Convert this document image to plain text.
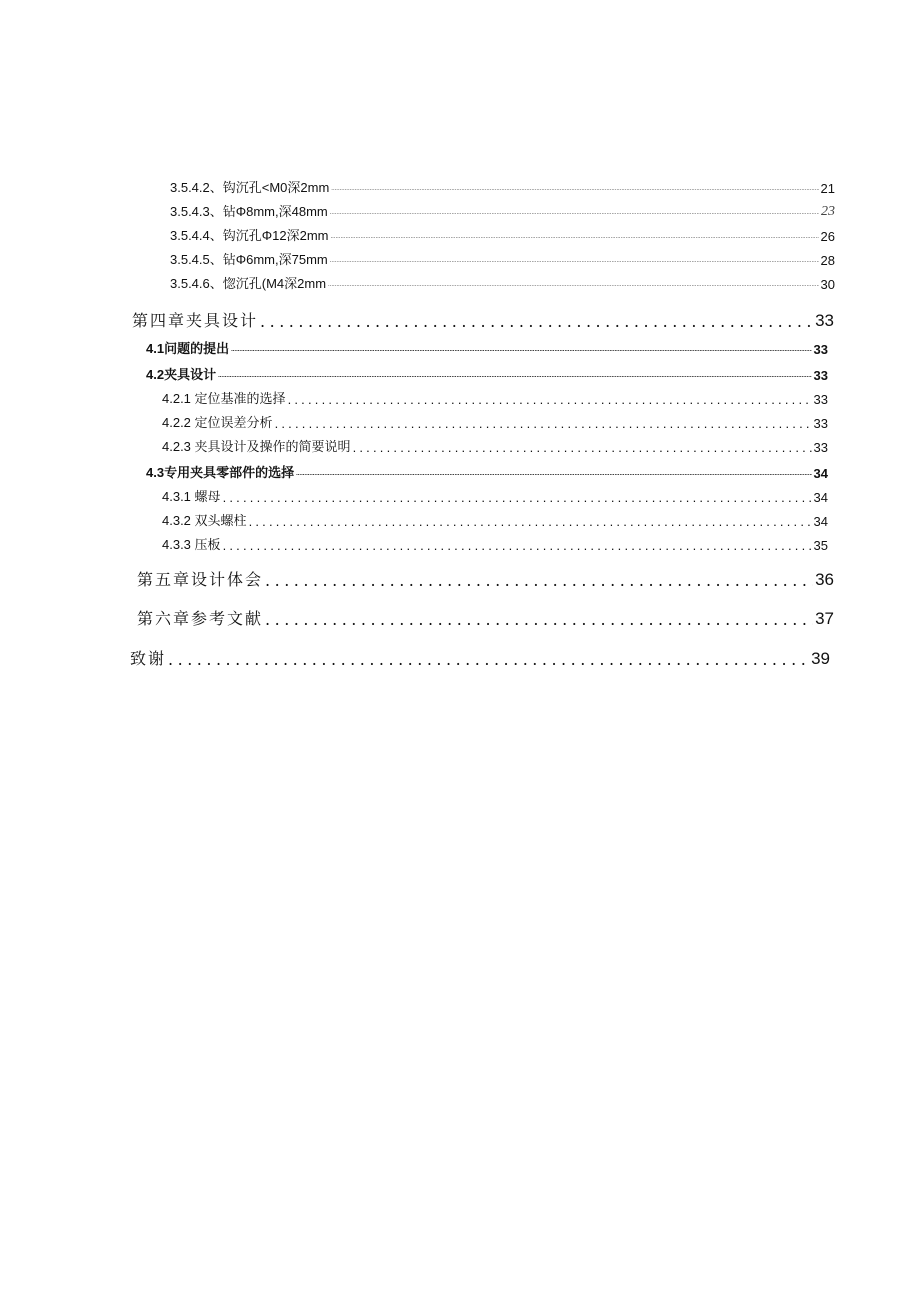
3.5.4.2、钩沉孔<M0深2mm .....	21
3.5.4.3、钻Φ8mm,深48mm .....	23
3.5.4.4、钩沉孔Φ12深2mm .....	26
3.5.4.5、钻Φ6mm,深75mm .....	28
3.5.4.6、惚沉孔(M4深2mm .....	30
第四章夹具设计 .....	33
4.1问题的提出 .....	33
4.2夹具设计 .....	33
4.2.1 定位基准的选择 .....	33
4.2.2 定位误差分析 .....	33
4.2.3 夹具设计及操作的简要说明 .....	33
4.3专用夹具零部件的选择 .....	34
4.3.1 螺母 .....	34
4.3.2 双头螺柱 .....	34
4.3.3 压板 .....	35
第五章设计体会 .....	36
第六章参考文献 .....	37
致谢 .....	39
